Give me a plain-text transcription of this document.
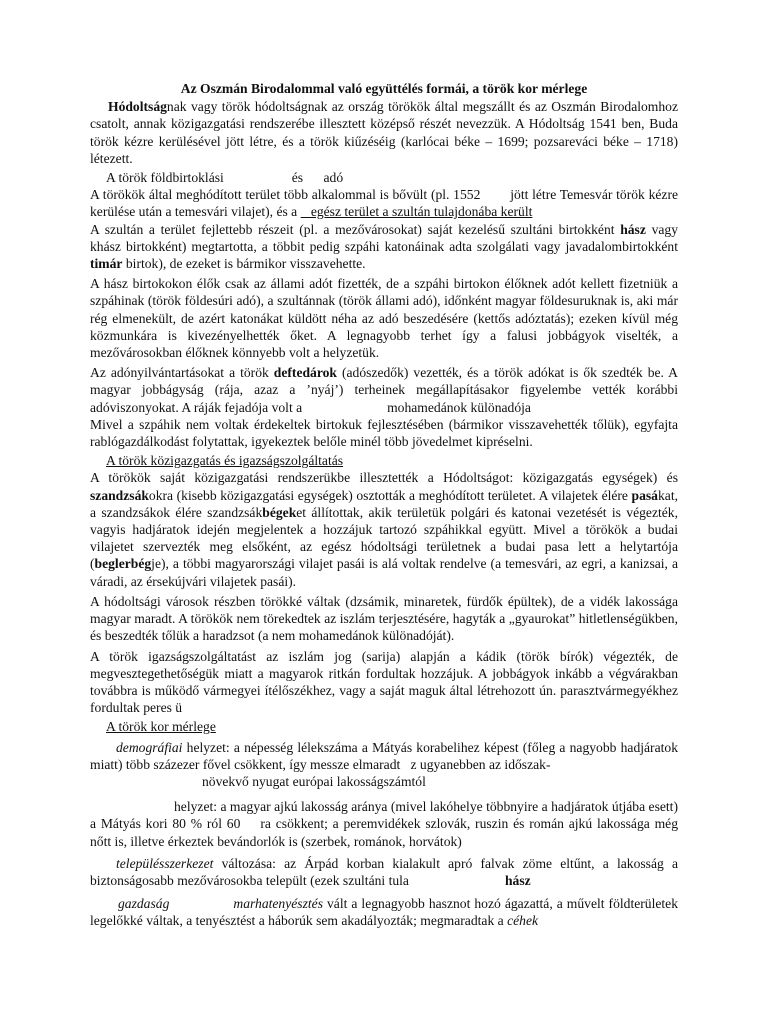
Az Oszmán Birodalommal való együttélés formái, a török kor mérlege

Hódoltságnak vagy török hódoltságnak az ország törökök által megszállt és az Oszmán Birodalomhoz csatolt, annak közigazgatási rendszerébe illesztett középső részét nevezzük. A Hódoltság 1541 ben, Buda török kézre kerülésével jött létre, és a török kiűzéséig (karlócai béke – 1699; pozsareváci béke – 1718) létezett.

A török földbirtoklási                    és      adó

A törökök által meghódított terület több alkalommal is bővült (pl. 1552        jött létre Temesvár török kézre kerülése után a temesvári vilajet), és a    egész terület a szultán tulajdonába került

A szultán a terület fejlettebb részeit (pl. a mezővárosokat) saját kezelésű szultáni birtokként hász vagy khász birtokként) megtartotta, a többit pedig szpáhi katonáinak adta szolgálati vagy javadalombirtokként timár birtok), de ezeket is bármikor visszavehette.

A hász birtokokon élők csak az állami adót fizették, de a szpáhi birtokon élőknek adót kellett fizetniük a szpáhinak (török földesúri adó), a szultánnak (török állami adó), időnként magyar földesuruknak is, aki már rég elmenekült, de azért katonákat küldött néha az adó beszedésére (kettős adóztatás); ezeken kívül még közmunkára is kivezényelhették őket. A legnagyobb terhet így a falusi jobbágyok viselték, a mezővárosokban élőknek könnyebb volt a helyzetük.

Az adónyilvántartásokat a török deftedárok (adószedők) vezették, és a török adókat is ők szedték be. A magyar jobbágyság (rája, azaz a ’nyáj’) terheinek megállapításakor figyelembe vették korábbi adóviszonyokat. A ráják fejadója volt a                         mohamedánok különadója

Mivel a szpáhik nem voltak érdekeltek birtokuk fejlesztésében (bármikor visszavehették tőlük), egyfajta rablógazdálkodást folytattak, igyekeztek belőle minél több jövedelmet kipréselni.

A török közigazgatás és igazságszolgáltatás

A törökök saját közigazgatási rendszerükbe illesztették a Hódoltságot: közigazgatás egységek) és szandzsákokra (kisebb közigazgatási egységek) osztották a meghódított területet. A vilajetek élére pasákat, a szandzsákok élére szandzsákbégeket állítottak, akik területük polgári és katonai vezetését is végezték, vagyis hadjáratok idején megjelentek a hozzájuk tartozó szpáhikkal együtt. Mivel a törökök a budai vilajetet szervezték meg elsőként, az egész hódoltsági területnek a budai pasa lett a helytartója (beglerbégje), a többi magyarországi vilajet pasái is alá voltak rendelve (a temesvári, az egri, a kanizsai, a váradi, az érsekújvári vilajetek pasái).

A hódoltsági városok részben törökké váltak (dzsámik, minaretek, fürdők épültek), de a vidék lakossága magyar maradt. A törökök nem törekedtek az iszlám terjesztésére, hagyták a „gyaurokat” hitletlenségükben, és beszedték tőlük a haradzsot (a nem mohamedánok különadóját).

A török igazságszolgáltatást az iszlám jog (sarija) alapján a kádik (török bírók) végezték, de megvesztegethetőségük miatt a magyarok ritkán fordultak hozzájuk. A jobbágyok inkább a végvárakban továbbra is működő vármegyei ítélőszékhez, vagy a saját maguk által létrehozott ún. parasztvármegyékhez fordultak peres ü

A török kor mérlege

demográfiai helyzet: a népesség lélekszáma a Mátyás korabelihez képest (főleg a nagyobb hadjáratok miatt) több százezer fővel csökkent, így messze elmaradt   z ugyanebben az időszak-
növekvő nyugat európai lakosságszámtól

helyzet: a magyar ajkú lakosság aránya (mivel lakóhelye többnyire a hadjáratok útjába esett) a Mátyás kori 80 % ról 60 ra csökkent; a peremvidékek szlovák, ruszin és román ajkú lakossága még nőtt is, illetve érkeztek bevándorlók is (szerbek, románok, horvátok)

településszerkezet változása: az Árpád korban kialakult apró falvak zöme eltűnt, a lakosság a biztonságosabb mezővárosokba települt (ezek szultáni tula	hász

gazdaság	marhatenyésztés vált a legnagyobb hasznot hozó ágazattá, a művelt földterületek legelőkké váltak, a tenyésztést a háborúk sem akadályozták; megmaradtak a céhek
